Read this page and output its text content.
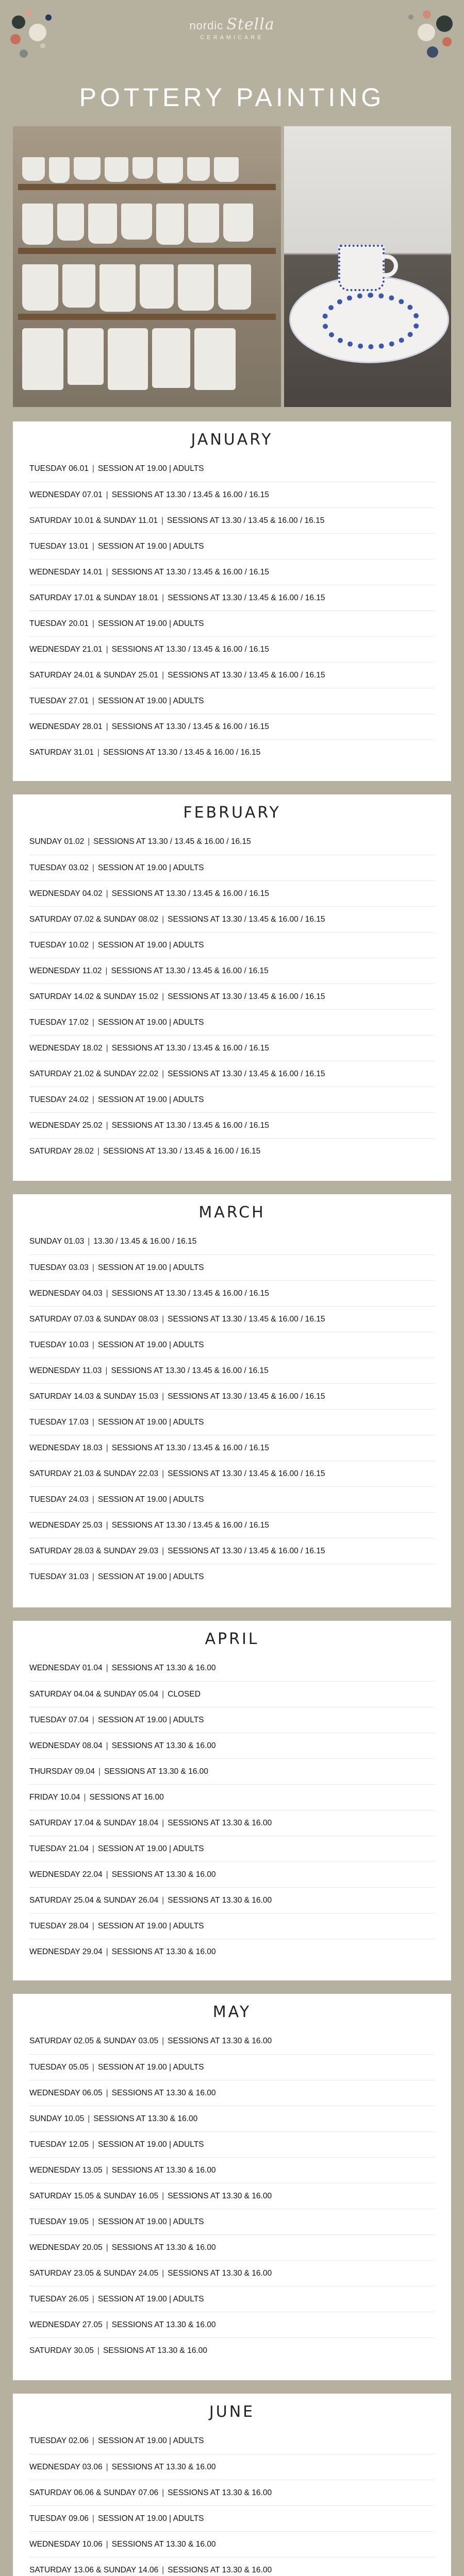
nordic Stella
CERAMICARE
POTTERY PAINTING
JANUARY
TUESDAY 06.01 | SESSION AT 19.00 | ADULTS
WEDNESDAY 07.01 | SESSIONS AT 13.30 / 13.45 & 16.00 / 16.15
SATURDAY 10.01 & SUNDAY 11.01 | SESSIONS AT 13.30 / 13.45 & 16.00 / 16.15
TUESDAY 13.01 | SESSION AT 19.00 | ADULTS
WEDNESDAY 14.01 | SESSIONS AT 13.30 / 13.45 & 16.00 / 16.15
SATURDAY 17.01 & SUNDAY 18.01 | SESSIONS AT 13.30 / 13.45 & 16.00 / 16.15
TUESDAY 20.01 | SESSION AT 19.00 | ADULTS
WEDNESDAY 21.01 | SESSIONS AT 13.30 / 13.45 & 16.00 / 16.15
SATURDAY 24.01 & SUNDAY 25.01 | SESSIONS AT 13.30 / 13.45 & 16.00 / 16.15
TUESDAY 27.01 | SESSION AT 19.00 | ADULTS
WEDNESDAY 28.01 | SESSIONS AT 13.30 / 13.45 & 16.00 / 16.15
SATURDAY 31.01 | SESSIONS AT 13.30 / 13.45 & 16.00 / 16.15
FEBRUARY
SUNDAY 01.02 | SESSIONS AT 13.30 / 13.45 & 16.00 / 16.15
TUESDAY 03.02 | SESSION AT 19.00 | ADULTS
WEDNESDAY 04.02 | SESSIONS AT 13.30 / 13.45 & 16.00 / 16.15
SATURDAY 07.02 & SUNDAY 08.02 | SESSIONS AT 13.30 / 13.45 & 16.00 / 16.15
TUESDAY 10.02 | SESSION AT 19.00 | ADULTS
WEDNESDAY 11.02 | SESSIONS AT 13.30 / 13.45 & 16.00 / 16.15
SATURDAY 14.02 & SUNDAY 15.02 | SESSIONS AT 13.30 / 13.45 & 16.00 / 16.15
TUESDAY 17.02 | SESSION AT 19.00 | ADULTS
WEDNESDAY 18.02 | SESSIONS AT 13.30 / 13.45 & 16.00 / 16.15
SATURDAY 21.02 & SUNDAY 22.02 | SESSIONS AT 13.30 / 13.45 & 16.00 / 16.15
TUESDAY 24.02 | SESSION AT 19.00 | ADULTS
WEDNESDAY 25.02 | SESSIONS AT 13.30 / 13.45 & 16.00 / 16.15
SATURDAY 28.02 | SESSIONS AT 13.30 / 13.45 & 16.00 / 16.15
MARCH
SUNDAY 01.03 | 13.30 / 13.45 & 16.00 / 16.15
TUESDAY 03.03 | SESSION AT 19.00 | ADULTS
WEDNESDAY 04.03 | SESSIONS AT 13.30 / 13.45 & 16.00 / 16.15
SATURDAY 07.03 & SUNDAY 08.03 | SESSIONS AT 13.30 / 13.45 & 16.00 / 16.15
TUESDAY 10.03 | SESSION AT 19.00 | ADULTS
WEDNESDAY 11.03 | SESSIONS AT 13.30 / 13.45 & 16.00 / 16.15
SATURDAY 14.03 & SUNDAY 15.03 | SESSIONS AT 13.30 / 13.45 & 16.00 / 16.15
TUESDAY 17.03 | SESSION AT 19.00 | ADULTS
WEDNESDAY 18.03 | SESSIONS AT 13.30 / 13.45 & 16.00 / 16.15
SATURDAY 21.03 & SUNDAY 22.03 | SESSIONS AT 13.30 / 13.45 & 16.00 / 16.15
TUESDAY 24.03 | SESSION AT 19.00 | ADULTS
WEDNESDAY 25.03 | SESSIONS AT 13.30 / 13.45 & 16.00 / 16.15
SATURDAY 28.03 & SUNDAY 29.03 | SESSIONS AT 13.30 / 13.45 & 16.00 / 16.15
TUESDAY 31.03 | SESSION AT 19.00 | ADULTS
APRIL
WEDNESDAY 01.04 | SESSIONS AT 13.30 & 16.00
SATURDAY 04.04 & SUNDAY 05.04 | CLOSED
TUESDAY 07.04 | SESSION AT 19.00 | ADULTS
WEDNESDAY 08.04 | SESSIONS AT 13.30 & 16.00
THURSDAY 09.04 | SESSIONS AT 13.30 & 16.00
FRIDAY 10.04 | SESSIONS AT 16.00
SATURDAY 17.04 & SUNDAY 18.04 | SESSIONS AT 13.30 & 16.00
TUESDAY 21.04 | SESSION AT 19.00 | ADULTS
WEDNESDAY 22.04 | SESSIONS AT 13.30 & 16.00
SATURDAY 25.04 & SUNDAY 26.04 | SESSIONS AT 13.30 & 16.00
TUESDAY 28.04 | SESSION AT 19.00 | ADULTS
WEDNESDAY 29.04 | SESSIONS AT 13.30 & 16.00
MAY
SATURDAY 02.05 & SUNDAY 03.05 | SESSIONS AT 13.30 & 16.00
TUESDAY 05.05 | SESSION AT 19.00 | ADULTS
WEDNESDAY 06.05 | SESSIONS AT 13.30 & 16.00
SUNDAY 10.05 | SESSIONS AT 13.30 & 16.00
TUESDAY 12.05 | SESSION AT 19.00 | ADULTS
WEDNESDAY 13.05 | SESSIONS AT 13.30 & 16.00
SATURDAY 15.05 & SUNDAY 16.05 | SESSIONS AT 13.30 & 16.00
TUESDAY 19.05 | SESSION AT 19.00 | ADULTS
WEDNESDAY 20.05 | SESSIONS AT 13.30 & 16.00
SATURDAY 23.05 & SUNDAY 24.05 | SESSIONS AT 13.30 & 16.00
TUESDAY 26.05 | SESSION AT 19.00 | ADULTS
WEDNESDAY 27.05 | SESSIONS AT 13.30 & 16.00
SATURDAY 30.05 | SESSIONS AT 13.30 & 16.00
JUNE
TUESDAY 02.06 | SESSION AT 19.00 | ADULTS
WEDNESDAY 03.06 | SESSIONS AT 13.30 & 16.00
SATURDAY 06.06 & SUNDAY 07.06 | SESSIONS AT 13.30 & 16.00
TUESDAY 09.06 | SESSION AT 19.00 | ADULTS
WEDNESDAY 10.06 | SESSIONS AT 13.30 & 16.00
SATURDAY 13.06 & SUNDAY 14.06 | SESSIONS AT 13.30 & 16.00
